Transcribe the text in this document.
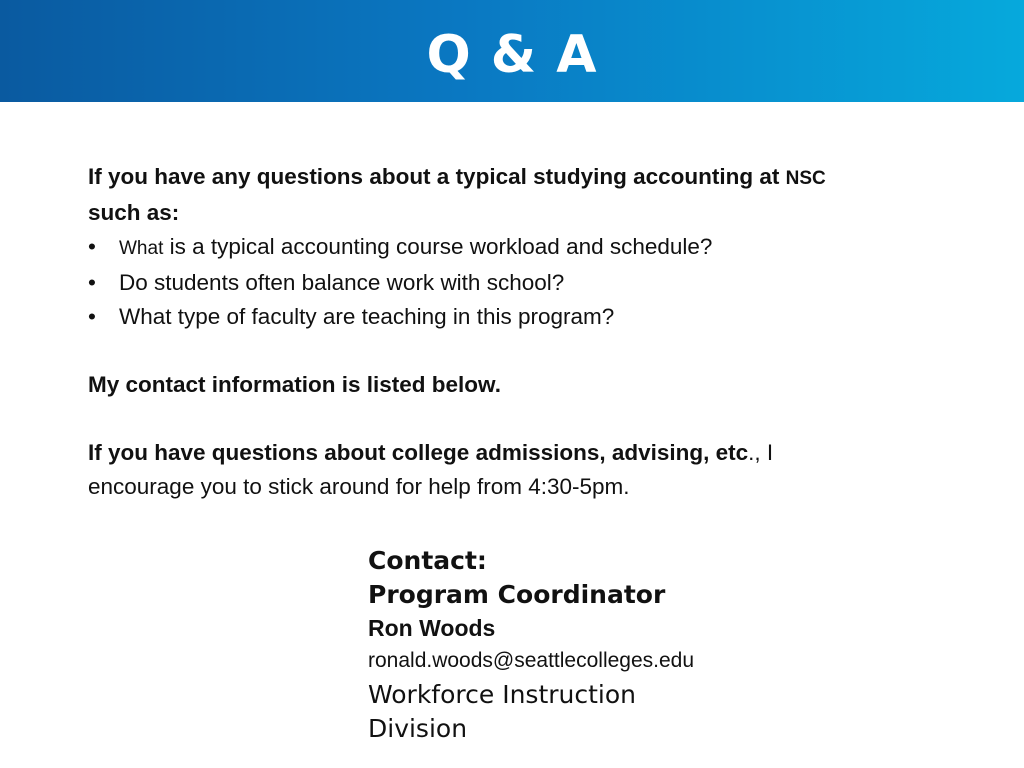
Q & A

If you have any questions about a typical studying accounting at NSC

such as:

• What is a typical accounting course workload and schedule?
• Do students often balance work with school?
• What type of faculty are teaching in this program?

My contact information is listed below.

If you have questions about college admissions, advising, etc., I

encourage you to stick around for help from 4:30-5pm.

Contact:
Program Coordinator
Ron Woods
ronald.woods@seattlecolleges.edu
Workforce Instruction
Division
